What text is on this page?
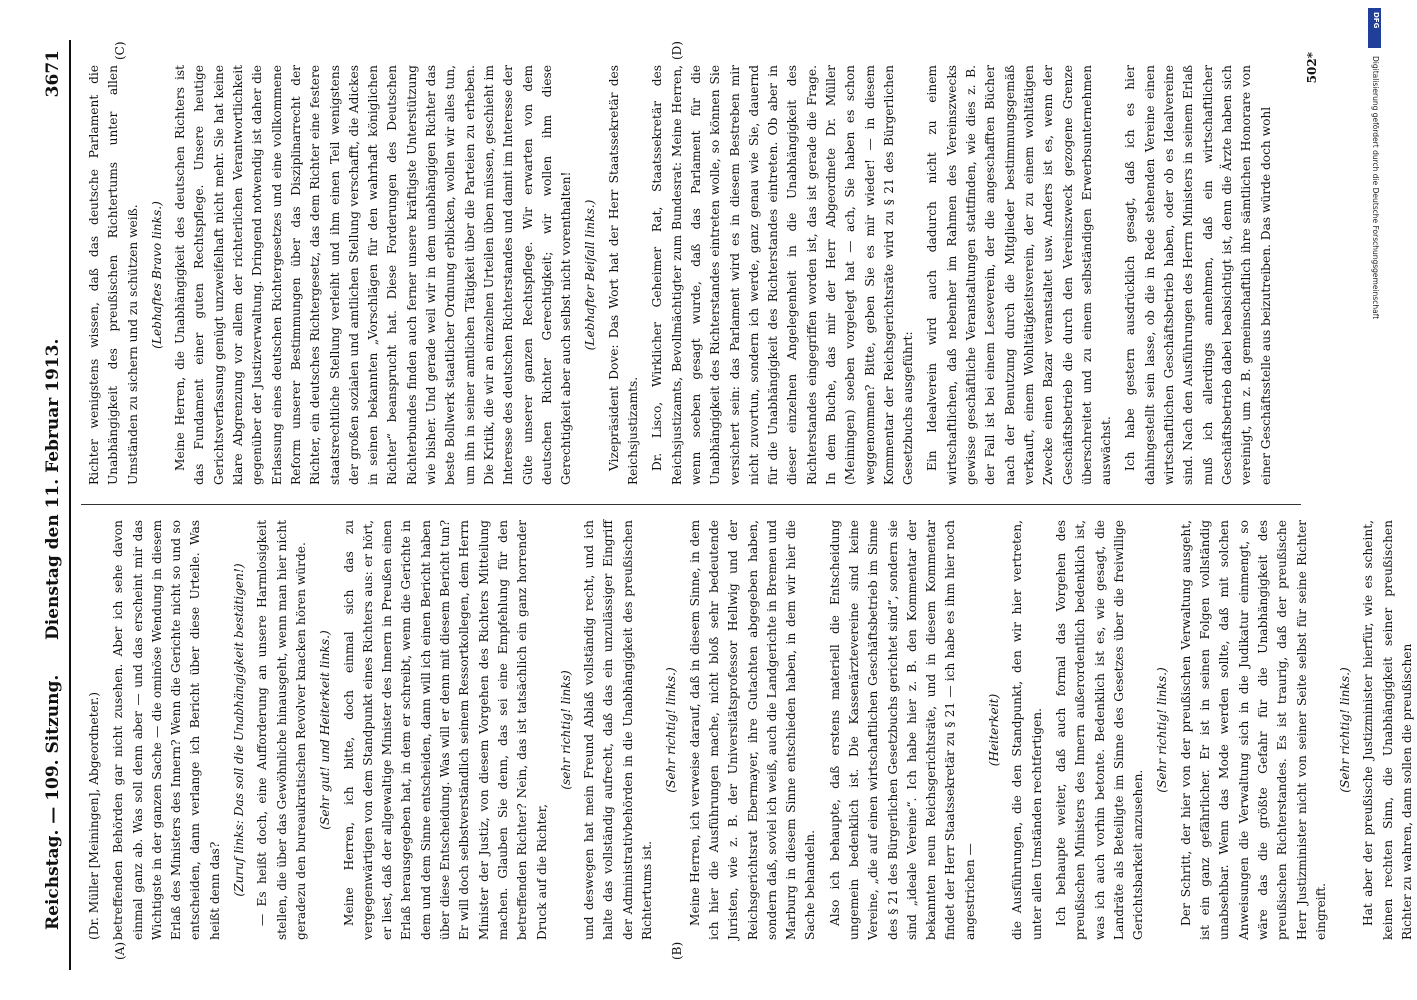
Reichstag. — 109. Sitzung.
Dienstag den 11. Februar 1913.
3671
(A)	(B)
(C)	(D)

(Dr. Müller [Meiningen], Abgeordneter.) betreffenden Behörden gar nicht zusehen. Aber ich sehe davon einmal ganz ab. Was soll denn aber — und das erscheint mir das Wichtigste in der ganzen Sache — die ominöse Wendung in diesem Erlaß des Ministers des Innern? Wenn die Gerichte nicht so und so entscheiden, dann verlange ich Bericht über diese Urteile. Was heißt denn das? (Zuruf links: Das soll die Unabhängigkeit bestätigen!) — Es heißt doch, eine Aufforderung an unsere Harmlosigkeit stellen, die über das Gewöhnliche hinausgeht, wenn man hier nicht geradezu den bureaukratischen Revolver knacken hören würde. (Sehr gut! und Heiterkeit links.) Meine Herren, ich bitte, doch einmal sich das zu vergegenwärtigen von dem Standpunkt eines Richters aus: er hört, er liest, daß der allgewaltige Minister des Innern in Preußen einen Erlaß herausgegeben hat, in dem er schreibt, wenn die Gerichte in dem und dem Sinne entscheiden, dann will ich einen Bericht haben über diese Entscheidung. Was will er denn mit diesem Bericht tun? Er will doch selbstverständlich seinem Ressortkollegen, dem Herrn Minister der Justiz, von diesem Vorgehen des Richters Mitteilung machen. Glauben Sie denn, das sei eine Empfehlung für den betreffenden Richter? Nein, das ist tatsächlich ein ganz horrender Druck auf die Richter,

(sehr richtig! links) und deswegen hat mein Freund Ablaß vollständig recht, und ich halte das vollständig aufrecht, daß das ein unzulässiger Eingriff der Administrativbehörden in die Unabhängigkeit des preußischen Richtertums ist.

(Sehr richtig! links.) Meine Herren, ich verweise darauf, daß in diesem Sinne, in dem ich hier die Ausführungen mache, nicht bloß sehr bedeutende Juristen, wie z. B. der Universitätsprofessor Hellwig und der Reichsgerichtsrat Ebermayer, ihre Gutachten abgegeben haben, sondern daß, soviel ich weiß, auch die Landgerichte in Bremen und Marburg in diesem Sinne entschieden haben, in dem wir hier die Sache behandeln. Also ich behaupte, daß erstens materiell die Entscheidung ungemein bedenklich ist. Die Kassenärztevereine sind keine Vereine, „die auf einen wirtschaftlichen Geschäftsbetrieb im Sinne des § 21 des Bürgerlichen Gesetzbuchs gerichtet sind“, sondern sie sind „ideale Vereine“. Ich habe hier z. B. den Kommentar der bekannten neun Reichsgerichtsräte, und in diesem Kommentar findet der Herr Staatssekretär zu § 21 — ich habe es ihm hier noch angestrichen —

(Heiterkeit) die Ausführungen, die den Standpunkt, den wir hier vertreten, unter allen Umständen rechtfertigen. Ich behaupte weiter, daß auch formal das Vorgehen des preußischen Ministers des Innern außerordentlich bedenklich ist, was ich auch vorhin betonte. Bedenklich ist es, wie gesagt, die Landräte als Beteiligte im Sinne des Gesetzes über die freiwillige Gerichtsbarkeit anzusehen.

(Sehr richtig! links.) Der Schritt, der hier von der preußischen Verwaltung ausgeht, ist ein ganz gefährlicher. Er ist in seinen Folgen vollständig unabsehbar. Wenn das Mode werden sollte, daß mit solchen Anweisungen die Verwaltung sich in die Judikatur einmengt, so wäre das die größte Gefahr für die Unabhängigkeit des preußischen Richterstandes. Es ist traurig, daß der preußische Herr Justizminister nicht von seiner Seite selbst für seine Richter eingreift.

(Sehr richtig! links.) Hat aber der preußische Justizminister hierfür, wie es scheint, keinen rechten Sinn, die Unabhängigkeit seiner preußischen Richter zu wahren, dann sollen die preußischen

Richter wenigstens wissen, daß das deutsche Parlament die Unabhängigkeit des preußischen Richtertums unter allen Umständen zu sichern und zu schützen weiß. (Lebhaftes Bravo links.) Meine Herren, die Unabhängigkeit des deutschen Richters ist das Fundament einer guten Rechtspflege. Unsere heutige Gerichtsverfassung genügt unzweifelhaft nicht mehr. Sie hat keine klare Abgrenzung vor allem der richterlichen Verantwortlichkeit gegenüber der Justizverwaltung. Dringend notwendig ist daher die Erlassung eines deutschen Richtergesetzes und eine vollkommene Reform unserer Bestimmungen über das Disziplinarrecht der Richter, ein deutsches Richtergesetz, das dem Richter eine festere staatsrechtliche Stellung verleiht und ihm einen Teil wenigstens der großen sozialen und amtlichen Stellung verschafft, die Adickes in seinen bekannten „Vorschlägen für den wahrhaft königlichen Richter“ beansprucht hat. Diese Forderungen des Deutschen Richterbundes finden auch ferner unsere kräftigste Unterstützung wie bisher. Und gerade weil wir in dem unabhängigen Richter das beste Bollwerk staatlicher Ordnung erblicken, wollen wir alles tun, um ihn in seiner amtlichen Tätigkeit über die Parteien zu erheben. Die Kritik, die wir an einzelnen Urteilen üben müssen, geschieht im Interesse des deutschen Richterstandes und damit im Interesse der Güte unserer ganzen Rechtspflege. Wir erwarten von dem deutschen Richter Gerechtigkeit; wir wollen ihm diese Gerechtigkeit aber auch selbst nicht vorenthalten! (Lebhafter Beifall links.) Vizepräsident Dove: Das Wort hat der Herr Staatssekretär des Reichsjustizamts. Dr. Lisco, Wirklicher Geheimer Rat, Staatssekretär des Reichsjustizamts, Bevollmächtigter zum Bundesrat: Meine Herren, wenn soeben gesagt wurde, daß das Parlament für die Unabhängigkeit des Richterstandes eintreten wolle, so können Sie versichert sein: das Parlament wird es in diesem Bestreben mir nicht zuvortun, sondern ich werde, ganz genau wie Sie, dauernd für die Unabhängigkeit des Richterstandes eintreten. Ob aber in dieser einzelnen Angelegenheit in die Unabhängigkeit des Richterstandes eingegriffen worden ist, das ist gerade die Frage. In dem Buche, das mir der Herr Abgeordnete Dr. Müller (Meiningen) soeben vorgelegt hat — ach, Sie haben es schon weggenommen? Bitte, geben Sie es mir wieder! — in diesem Kommentar der Reichsgerichtsräte wird zu § 21 des Bürgerlichen Gesetzbuchs ausgeführt: Ein Idealverein wird auch dadurch nicht zu einem wirtschaftlichen, daß nebenher im Rahmen des Vereinszwecks gewisse geschäftliche Veranstaltungen stattfinden, wie dies z. B. der Fall ist bei einem Leseverein, der die angeschafften Bücher nach der Benutzung durch die Mitglieder bestimmungsgemäß verkauft, einem Wohltätigkeitsverein, der zu einem wohltätigen Zwecke einen Bazar veranstaltet usw. Anders ist es, wenn der Geschäftsbetrieb die durch den Vereinszweck gezogene Grenze überschreitet und zu einem selbständigen Erwerbsunternehmen auswächst. Ich habe gestern ausdrücklich gesagt, daß ich es hier dahingestellt sein lasse, ob die in Rede stehenden Vereine einen wirtschaftlichen Geschäftsbetrieb haben, oder ob es Idealvereine sind. Nach den Ausführungen des Herrn Ministers in seinem Erlaß muß ich allerdings annehmen, daß ein wirtschaftlicher Geschäftsbetrieb dabei beabsichtigt ist, denn die Ärzte haben sich vereinigt, um z. B. gemeinschaftlich ihre sämtlichen Honorare von einer Geschäftsstelle aus beizutreiben. Das würde doch wohl

502*
DFG
Digitalisierung gefördert durch die Deutsche Forschungsgemeinschaft
